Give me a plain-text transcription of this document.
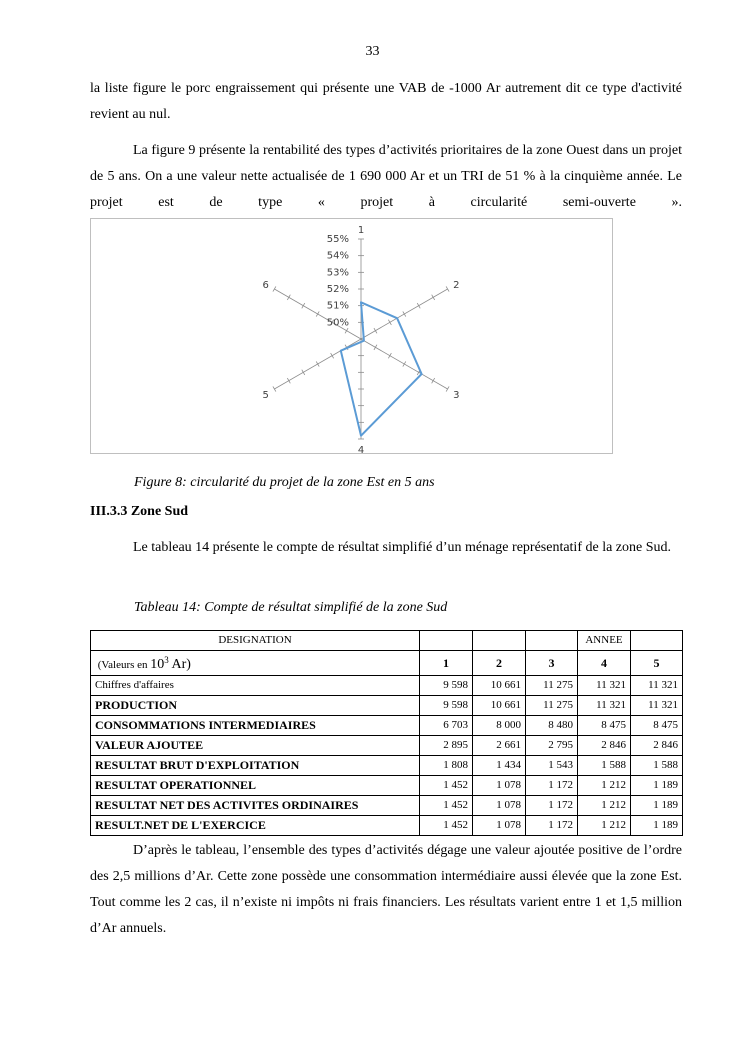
33

la liste figure le porc engraissement qui présente une VAB de -1000 Ar autrement dit ce type d'activité revient au nul.

La figure 9 présente la rentabilité des types d’activités prioritaires de la zone Ouest dans un projet de 5 ans. On a une valeur nette actualisée de 1 690 000 Ar et un TRI de 51 % à la cinquième année. Le projet est de type « projet à circularité semi-ouverte ».

50%
51%
52%
53%
54%
55%
1
2
3
4
5
6
Figure 8: circularité du projet de la zone Est en 5 ans
III.3.3 Zone Sud

Le tableau 14 présente le compte de résultat simplifié d’un ménage représentatif de la zone Sud.

Tableau 14: Compte de résultat simplifié de la zone Sud
DESIGNATION				ANNEE	
(Valeurs en $10^3$ Ar)	1	2	3	4	5
Chiffres d'affaires	9 598	10 661	11 275	11 321	11 321
PRODUCTION	9 598	10 661	11 275	11 321	11 321
CONSOMMATIONS INTERMEDIAIRES	6 703	8 000	8 480	8 475	8 475
VALEUR AJOUTEE	2 895	2 661	2 795	2 846	2 846
RESULTAT BRUT D'EXPLOITATION	1 808	1 434	1 543	1 588	1 588
RESULTAT OPERATIONNEL	1 452	1 078	1 172	1 212	1 189
RESULTAT NET DES ACTIVITES ORDINAIRES	1 452	1 078	1 172	1 212	1 189
RESULT.NET DE L'EXERCICE	1 452	1 078	1 172	1 212	1 189

D’après le tableau, l’ensemble des types d’activités dégage une valeur ajoutée positive de l’ordre des 2,5 millions d’Ar. Cette zone possède une consommation intermédiaire aussi élevée que la zone Est. Tout comme les 2 cas, il n’existe ni impôts ni frais financiers. Les résultats varient entre 1 et 1,5 million d’Ar annuels.
